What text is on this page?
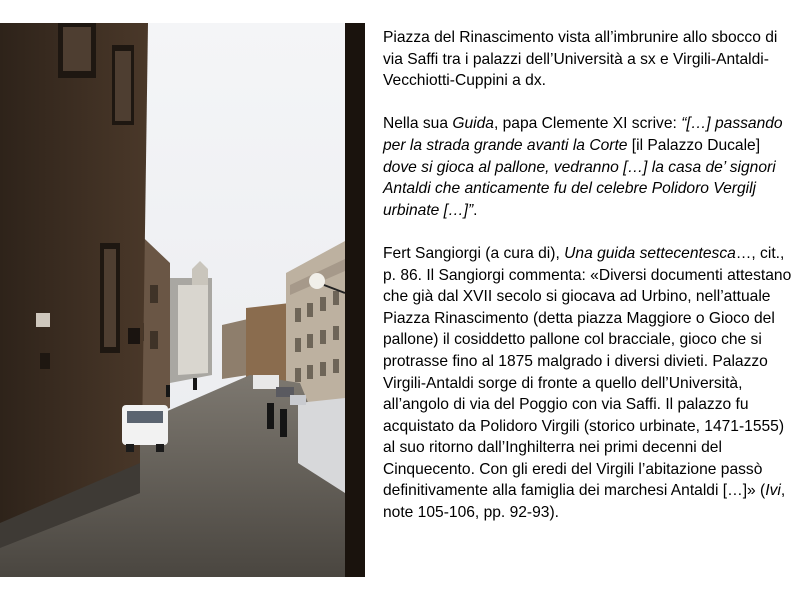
Piazza del Rinascimento vista all’imbrunire allo sbocco di via Saffi tra i palazzi dell’Università a sx e Virgili-Antaldi-Vecchiotti-Cuppini a dx.

Nella sua Guida, papa Clemente XI scrive: “[…] passando per la strada grande avanti la Corte [il Palazzo Ducale] dove si gioca al pallone, vedranno […] la casa de’ signori Antaldi che anticamente fu del celebre Polidoro Vergilj urbinate […]”.

Fert Sangiorgi (a cura di), Una guida settecentesca…, cit., p. 86. Il Sangiorgi commenta: «Diversi documenti attestano che già dal XVII secolo si giocava ad Urbino, nell’attuale Piazza Rinascimento (detta piazza Maggiore o Gioco del pallone) il cosiddetto pallone col bracciale, gioco che si protrasse fino al 1875 malgrado i diversi divieti. Palazzo Virgili-Antaldi sorge di fronte a quello dell’Università, all’angolo di via del Poggio con via Saffi. Il palazzo fu acquistato da Polidoro Virgili (storico urbinate, 1471-1555) al suo ritorno dall’Inghilterra nei primi decenni del Cinquecento. Con gli eredi del Virgili l’abitazione passò definitivamente alla famiglia dei marchesi Antaldi […]» (Ivi, note 105-106, pp. 92-93).
